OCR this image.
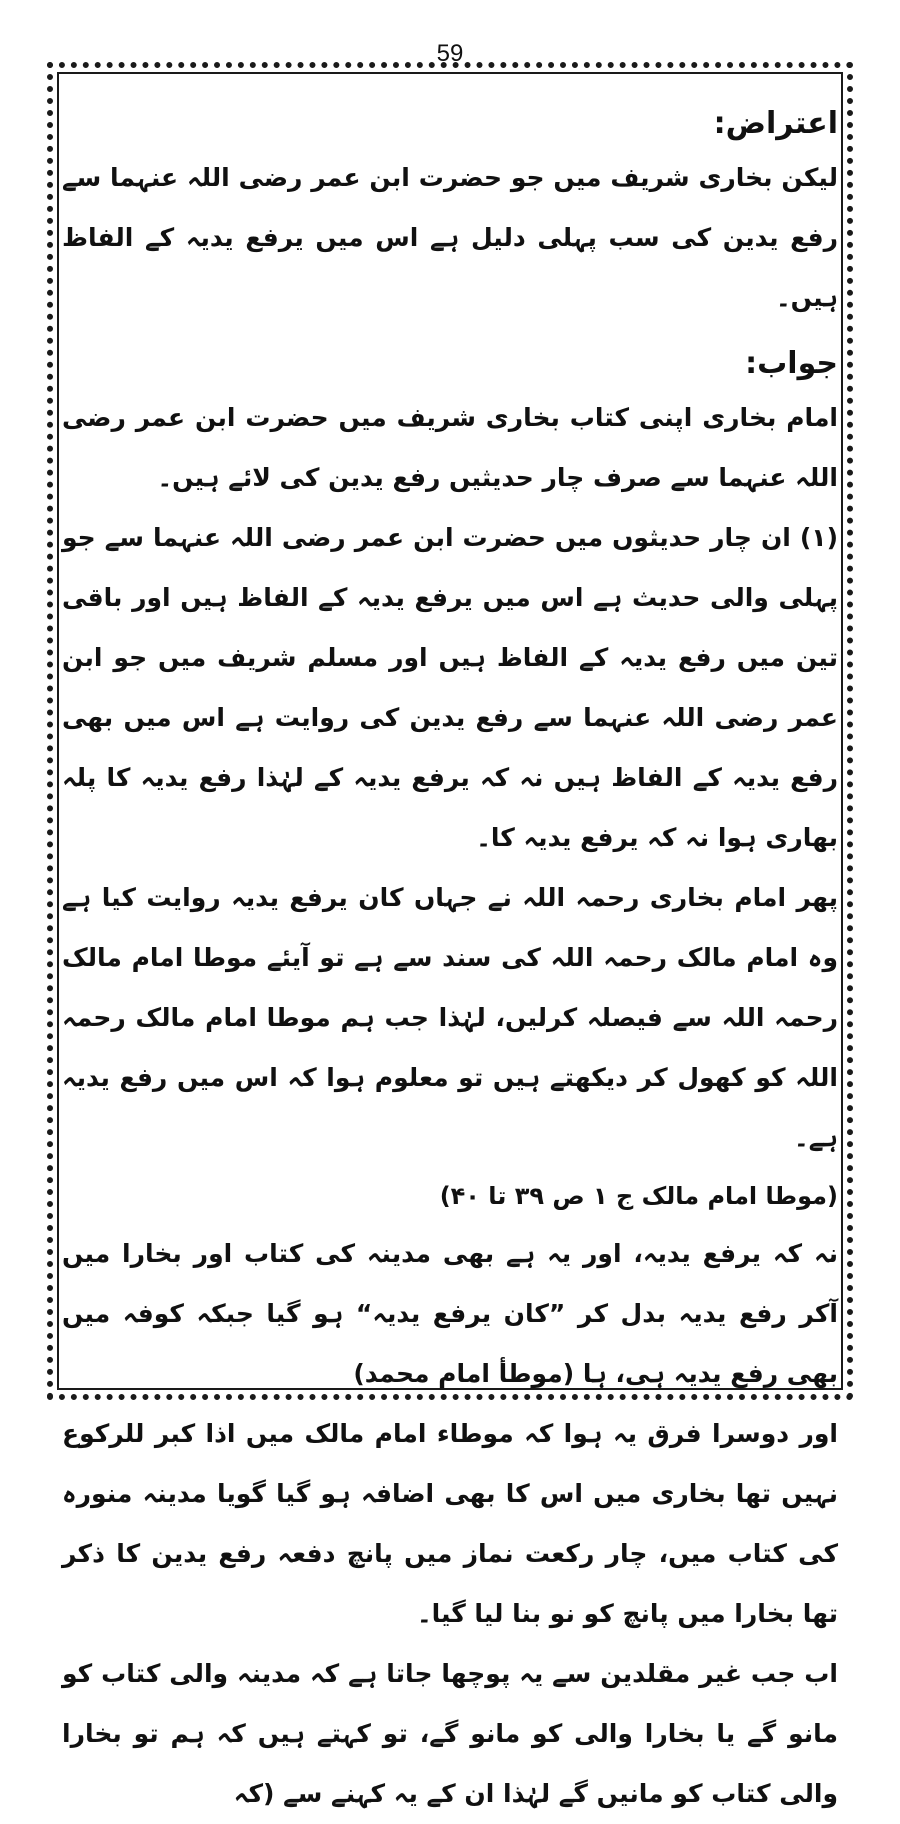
59
اعتراض:

لیکن بخاری شریف میں جو حضرت ابن عمر رضی اللہ عنہما سے رفع یدین کی سب پہلی دلیل ہے اس میں یرفع یدیہ کے الفاظ ہیں۔

جواب:

امام بخاری اپنی کتاب بخاری شریف میں حضرت ابن عمر رضی اللہ عنہما سے صرف چار حدیثیں رفع یدین کی لائے ہیں۔

(۱) ان چار حدیثوں میں حضرت ابن عمر رضی اللہ عنہما سے جو پہلی والی حدیث ہے اس میں یرفع یدیہ کے الفاظ ہیں اور باقی تین میں رفع یدیہ کے الفاظ ہیں اور مسلم شریف میں جو ابن عمر رضی اللہ عنہما سے رفع یدین کی روایت ہے اس میں بھی رفع یدیہ کے الفاظ ہیں نہ کہ یرفع یدیہ کے لہٰذا رفع یدیہ کا پلہ بھاری ہوا نہ کہ یرفع یدیہ کا۔

پھر امام بخاری رحمہ اللہ نے جہاں کان یرفع یدیہ روایت کیا ہے وہ امام مالک رحمہ اللہ کی سند سے ہے تو آیئے موطا امام مالک رحمہ اللہ سے فیصلہ کرلیں، لہٰذا جب ہم موطا امام مالک رحمہ اللہ کو کھول کر دیکھتے ہیں تو معلوم ہوا کہ اس میں رفع یدیہ ہے۔

(موطا امام مالک ج ۱ ص ۳۹ تا ۴۰)

نہ کہ یرفع یدیہ، اور یہ ہے بھی مدینہ کی کتاب اور بخارا میں آکر رفع یدیہ بدل کر ”کان یرفع یدیہ“ ہو گیا جبکہ کوفہ میں بھی رفع یدیہ ہی، ہا (موطأ امام محمد)

اور دوسرا فرق یہ ہوا کہ موطاء امام مالک میں اذا کبر للرکوع نہیں تھا بخاری میں اس کا بھی اضافہ ہو گیا گویا مدینہ منورہ کی کتاب میں، چار رکعت نماز میں پانچ دفعہ رفع یدین کا ذکر تھا بخارا میں پانچ کو نو بنا لیا گیا۔

اب جب غیر مقلدین سے یہ پوچھا جاتا ہے کہ مدینہ والی کتاب کو مانو گے یا بخارا والی کو مانو گے، تو کہتے ہیں کہ ہم تو بخارا والی کتاب کو مانیں گے لہٰذا ان کے یہ کہنے سے (کہ
